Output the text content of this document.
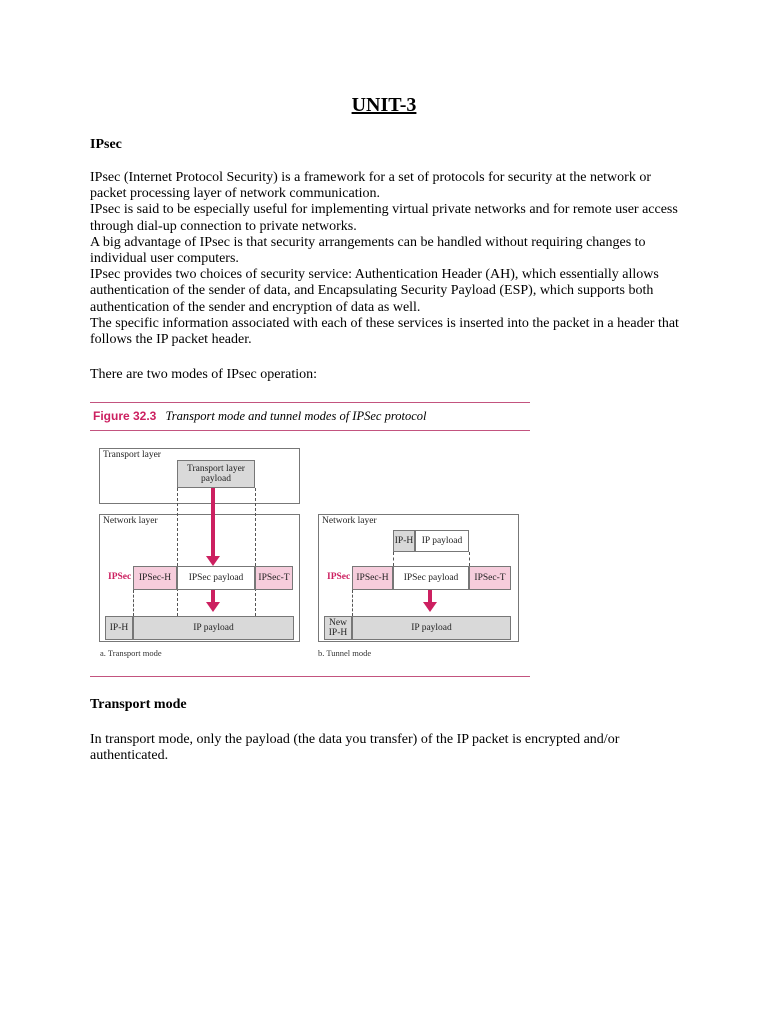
UNIT-3
IPsec

IPsec (Internet Protocol Security) is a framework for a set of protocols for security at the network or packet processing layer of network communication.

IPsec is said to be especially useful for implementing virtual private networks and for remote user access through dial-up connection to private networks.

A big advantage of IPsec is that security arrangements can be handled without requiring changes to individual user computers.

IPsec provides two choices of security service: Authentication Header (AH), which essentially allows authentication of the sender of data, and Encapsulating Security Payload (ESP), which supports both authentication of the sender and encryption of data as well.

The specific information associated with each of these services is inserted into the packet in a header that follows the IP packet header.

There are two modes of IPsec operation:
Figure 32.3 Transport mode and tunnel modes of IPSec protocol
Transport layer
Transport layer payload
Network layer
IPSec IPSec-H	IPSec payload	IPSec-T
IP-H	IP payload
a. Transport mode
Network layer
IP-H IP payload
IPSec IPSec-H	IPSec payload	IPSec-T
New IP-H	IP payload
b. Tunnel mode
Transport mode
In transport mode, only the payload (the data you transfer) of the IP packet is encrypted and/or authenticated.
